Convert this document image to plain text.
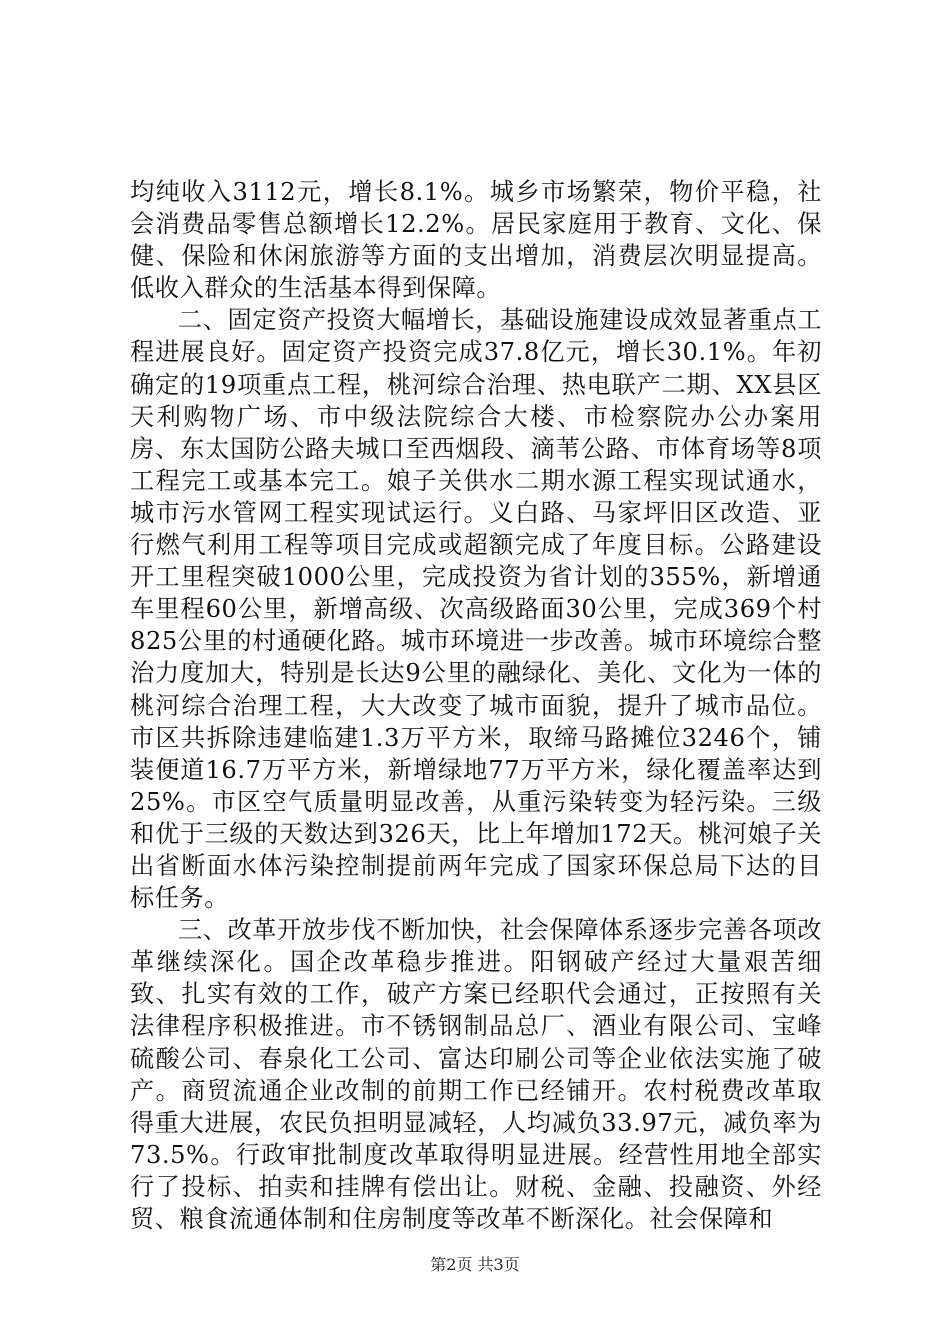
均纯收入3112元，增长8.1%。城乡市场繁荣，物价平稳，社会消费品零售总额增长12.2%。居民家庭用于教育、文化、保健、保险和休闲旅游等方面的支出增加，消费层次明显提高。低收入群众的生活基本得到保障。

二、固定资产投资大幅增长，基础设施建设成效显著重点工程进展良好。固定资产投资完成37.8亿元，增长30.1%。年初确定的19项重点工程，桃河综合治理、热电联产二期、XX县区天利购物广场、市中级法院综合大楼、市检察院办公办案用房、东太国防公路夫城口至西烟段、滴苇公路、市体育场等8项工程完工或基本完工。娘子关供水二期水源工程实现试通水，城市污水管网工程实现试运行。义白路、马家坪旧区改造、亚行燃气利用工程等项目完成或超额完成了年度目标。公路建设开工里程突破1000公里，完成投资为省计划的355%，新增通车里程60公里，新增高级、次高级路面30公里，完成369个村825公里的村通硬化路。城市环境进一步改善。城市环境综合整治力度加大，特别是长达9公里的融绿化、美化、文化为一体的桃河综合治理工程，大大改变了城市面貌，提升了城市品位。市区共拆除违建临建1.3万平方米，取缔马路摊位3246个，铺装便道16.7万平方米，新增绿地77万平方米，绿化覆盖率达到25%。市区空气质量明显改善，从重污染转变为轻污染。三级和优于三级的天数达到326天，比上年增加172天。桃河娘子关出省断面水体污染控制提前两年完成了国家环保总局下达的目标任务。

三、改革开放步伐不断加快，社会保障体系逐步完善各项改革继续深化。国企改革稳步推进。阳钢破产经过大量艰苦细致、扎实有效的工作，破产方案已经职代会通过，正按照有关法律程序积极推进。市不锈钢制品总厂、酒业有限公司、宝峰硫酸公司、春泉化工公司、富达印刷公司等企业依法实施了破产。商贸流通企业改制的前期工作已经铺开。农村税费改革取得重大进展，农民负担明显减轻，人均减负33.97元，减负率为73.5%。行政审批制度改革取得明显进展。经营性用地全部实行了投标、拍卖和挂牌有偿出让。财税、金融、投融资、外经贸、粮食流通体制和住房制度等改革不断深化。社会保障和

第2页 共3页
